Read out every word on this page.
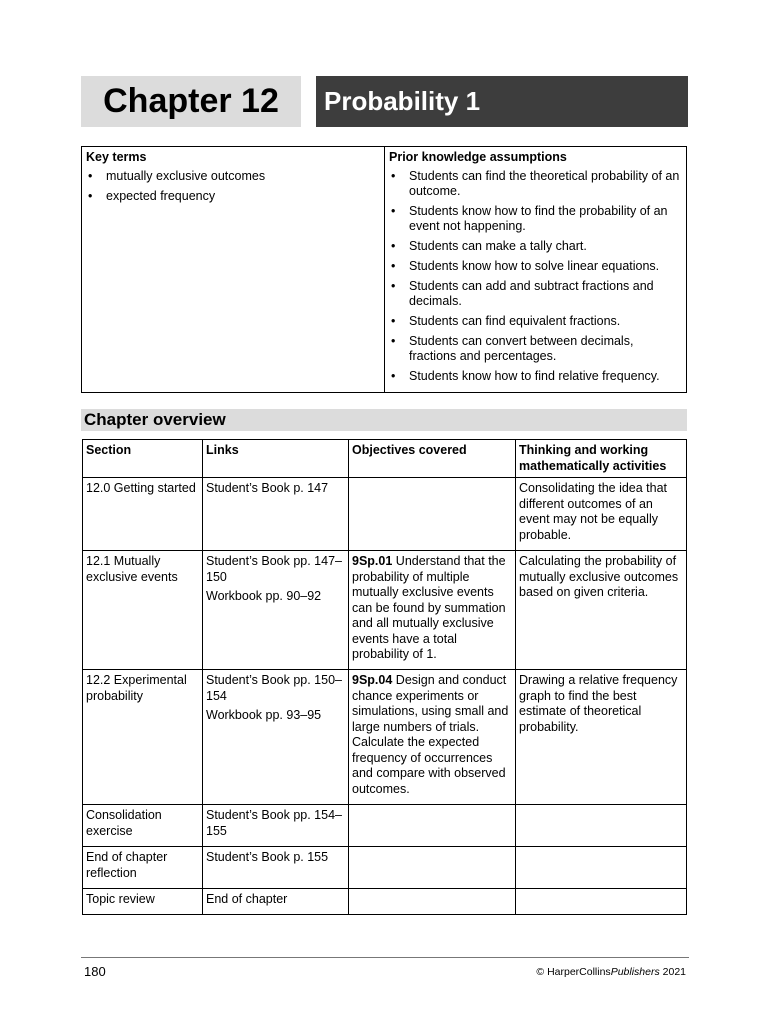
Chapter 12 Probability 1
Key terms
• mutually exclusive outcomes
• expected frequency
Prior knowledge assumptions
• Students can find the theoretical probability of an outcome.
• Students know how to find the probability of an event not happening.
• Students can make a tally chart.
• Students know how to solve linear equations.
• Students can add and subtract fractions and decimals.
• Students can find equivalent fractions.
• Students can convert between decimals, fractions and percentages.
• Students know how to find relative frequency.
Chapter overview
Section	Links	Objectives covered	Thinking and working mathematically activities
12.0 Getting started	Student’s Book p. 147		Consolidating the idea that different outcomes of an event may not be equally probable.
12.1 Mutually exclusive events	Student’s Book pp. 147–150
Workbook pp. 90–92	9Sp.01 Understand that the probability of multiple mutually exclusive events can be found by summation and all mutually exclusive events have a total probability of 1.	Calculating the probability of mutually exclusive outcomes based on given criteria.
12.2 Experimental probability	Student’s Book pp. 150–154
Workbook pp. 93–95	9Sp.04 Design and conduct chance experiments or simulations, using small and large numbers of trials. Calculate the expected frequency of occurrences and compare with observed outcomes.	Drawing a relative frequency graph to find the best estimate of theoretical probability.
Consolidation exercise	Student’s Book pp. 154–155		

End of chapter reflection	Student’s Book p. 155		

Topic review	End of chapter		

180	© HarperCollinsPublishers 2021
